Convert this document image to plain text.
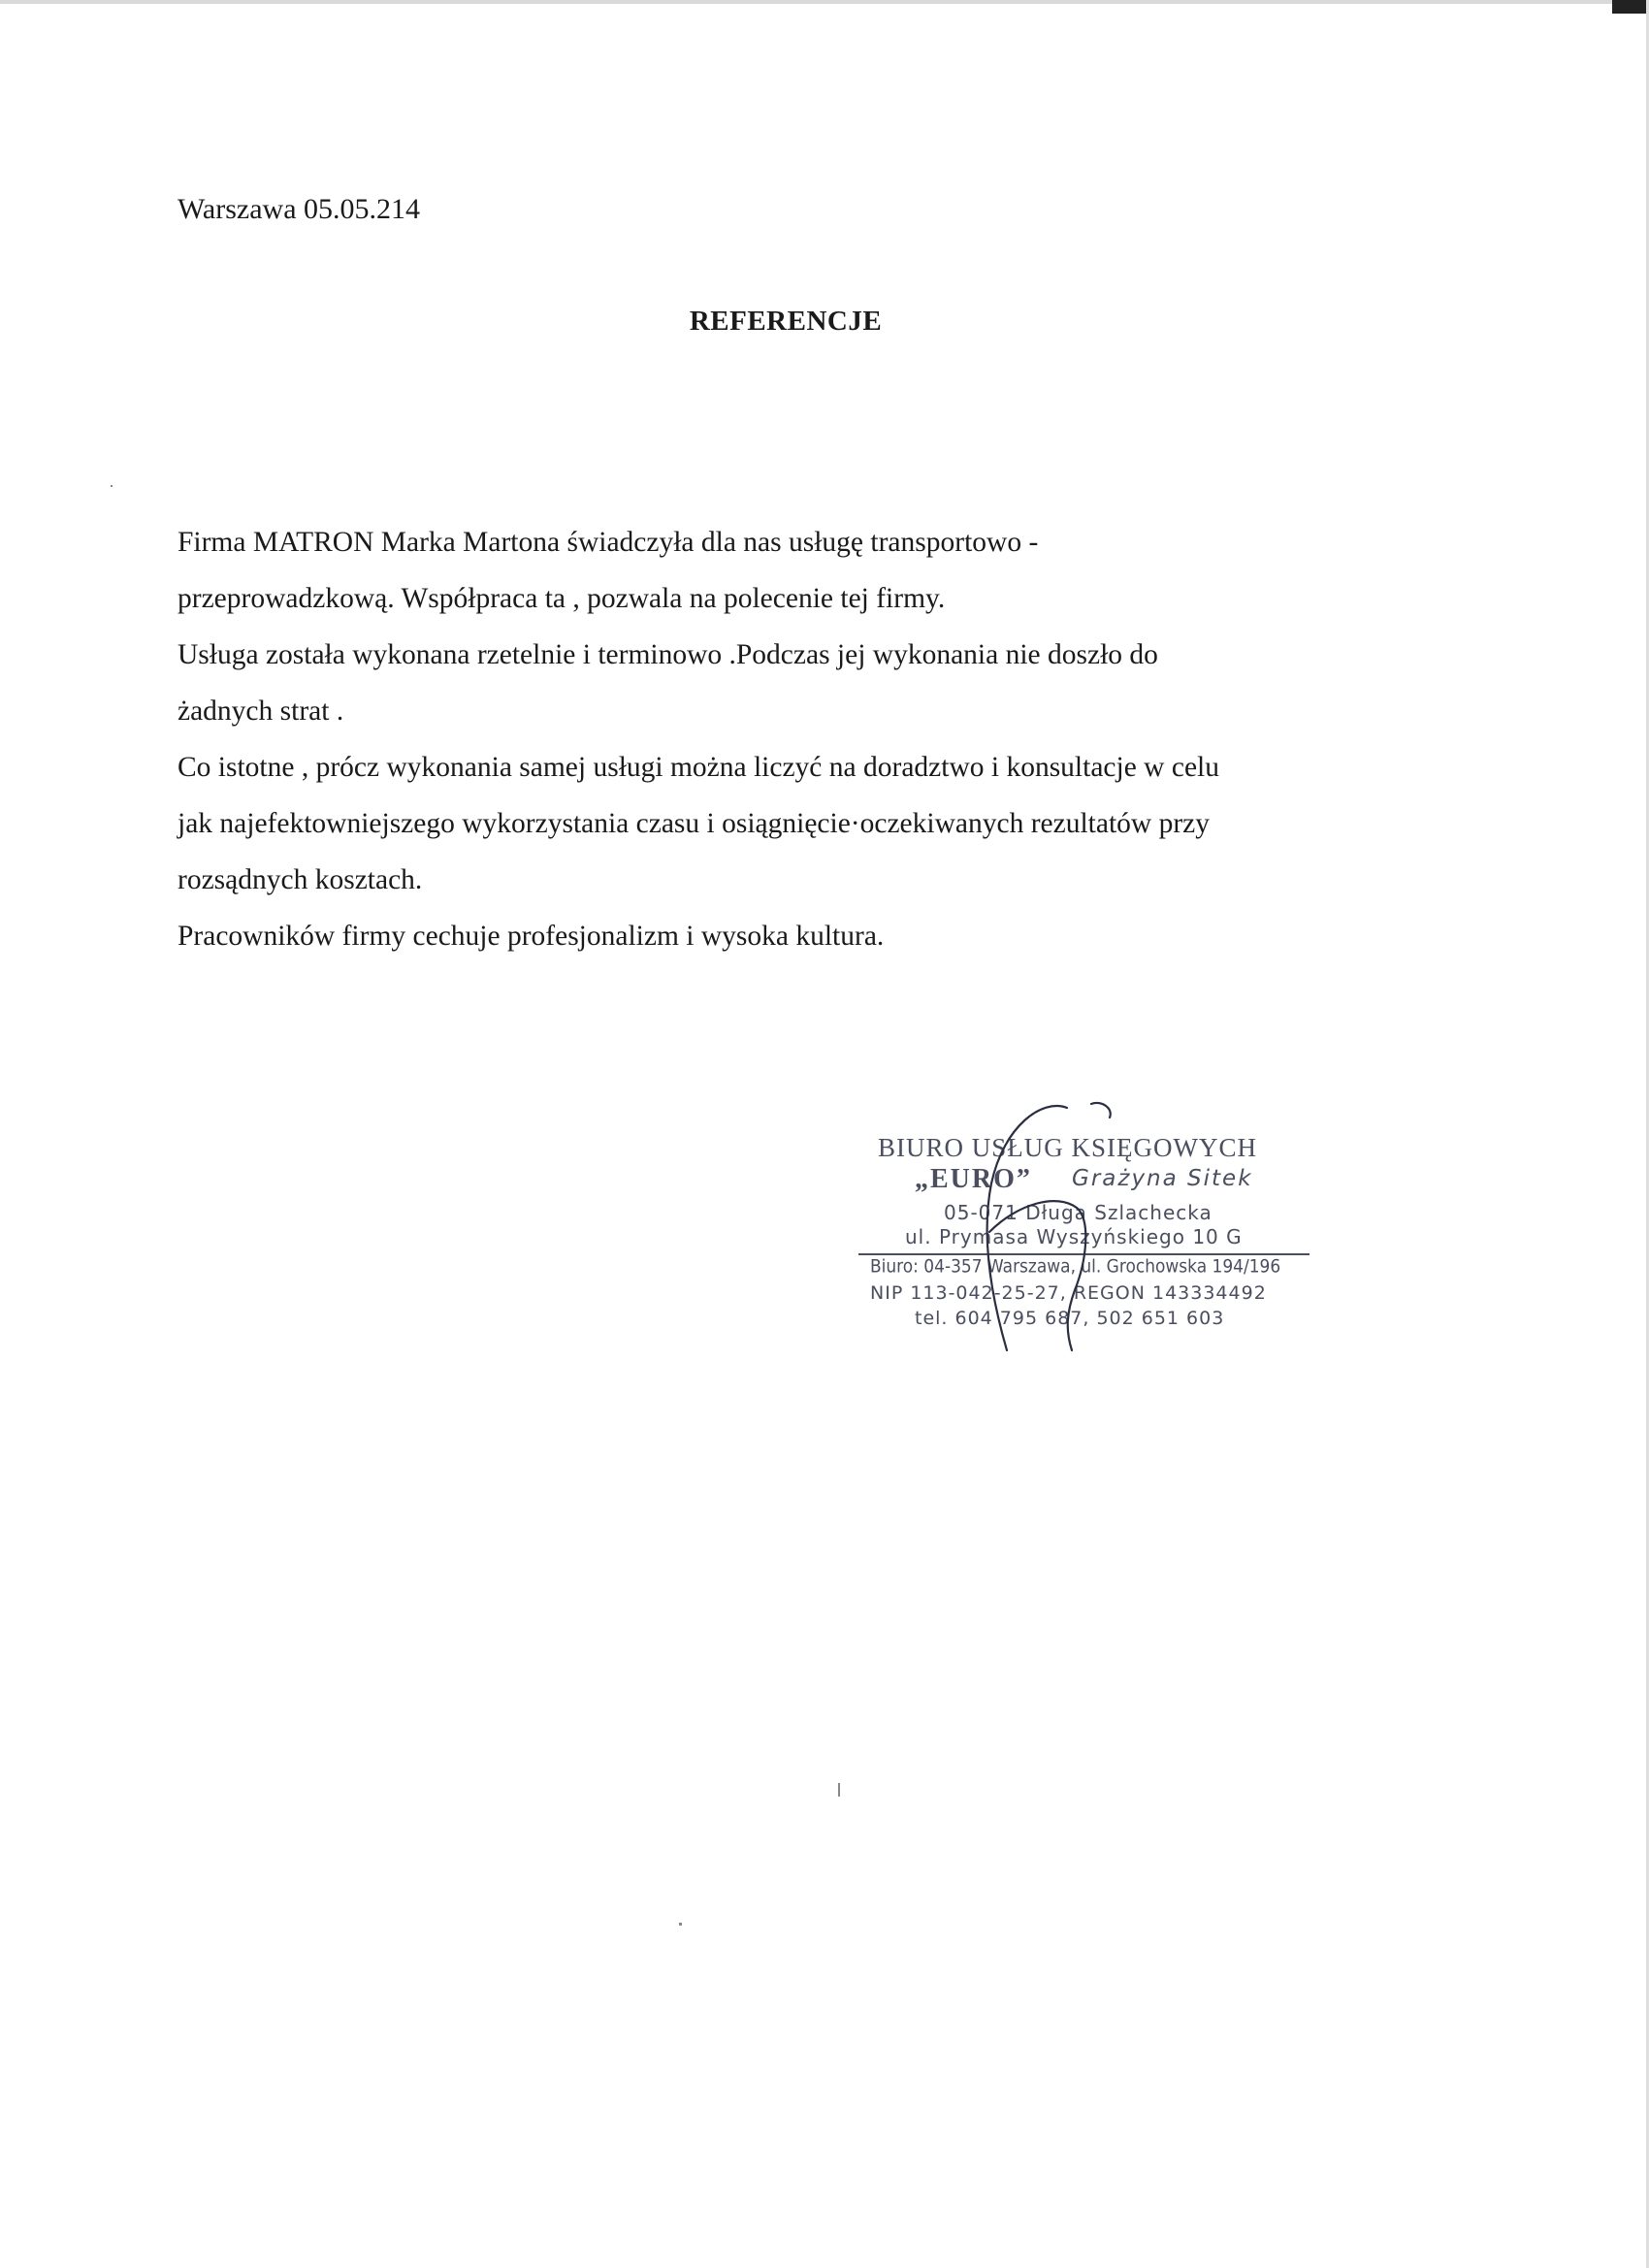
Warszawa 05.05.214
REFERENCJE
Firma MATRON Marka Martona świadczyła dla nas usługę transportowo -
przeprowadzkową. Współpraca ta , pozwala na polecenie tej firmy.
Usługa została wykonana rzetelnie i terminowo .Podczas jej wykonania nie doszło do
żadnych strat .
Co istotne , prócz wykonania samej usługi można liczyć na doradztwo i konsultacje w celu
jak najefektowniejszego wykorzystania czasu i osiągnięcie·oczekiwanych rezultatów przy
rozsądnych kosztach.
Pracowników firmy cechuje profesjonalizm i wysoka kultura.
BIURO USŁUG KSIĘGOWYCH
„EURO” Grażyna Sitek
05-071 Długa Szlachecka
ul. Prymasa Wyszyńskiego 10 G
Biuro: 04-357 Warszawa, ul. Grochowska 194/196
NIP 113-042-25-27, REGON 143334492
tel. 604 795 687, 502 651 603
